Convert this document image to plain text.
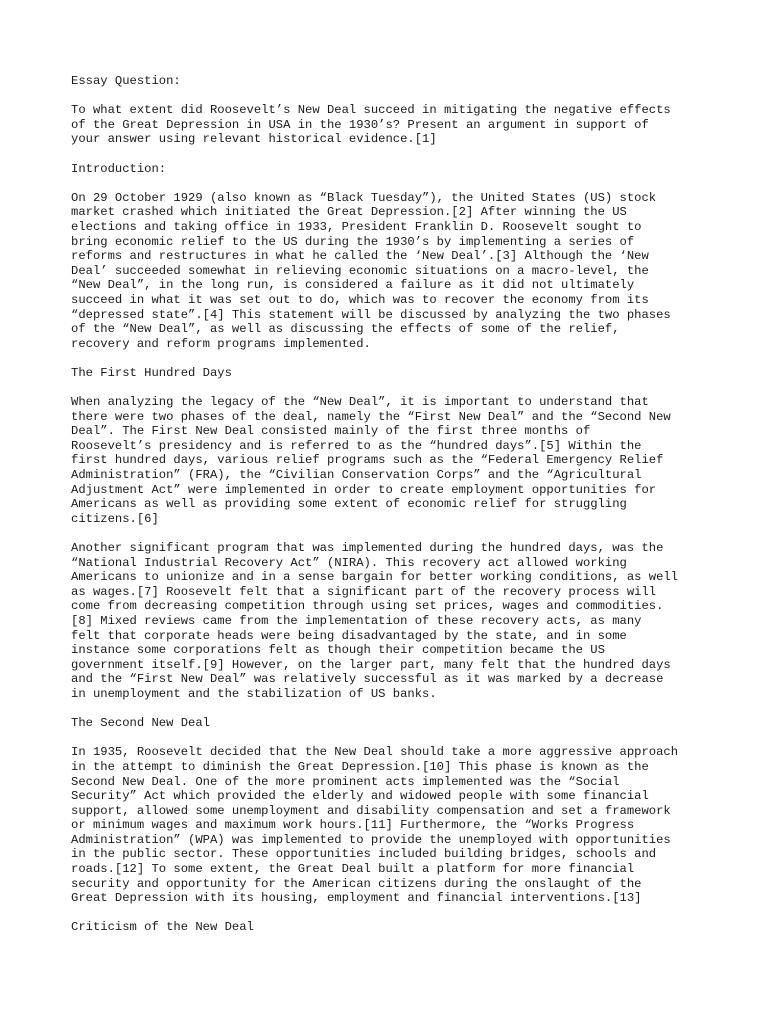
Essay Question:

To what extent did Roosevelt’s New Deal succeed in mitigating the negative effects
of the Great Depression in USA in the 1930’s? Present an argument in support of
your answer using relevant historical evidence.[1]

Introduction:

On 29 October 1929 (also known as “Black Tuesday”), the United States (US) stock
market crashed which initiated the Great Depression.[2] After winning the US
elections and taking office in 1933, President Franklin D. Roosevelt sought to
bring economic relief to the US during the 1930’s by implementing a series of
reforms and restructures in what he called the ‘New Deal’.[3] Although the ‘New
Deal’ succeeded somewhat in relieving economic situations on a macro-level, the
“New Deal”, in the long run, is considered a failure as it did not ultimately
succeed in what it was set out to do, which was to recover the economy from its
“depressed state”.[4] This statement will be discussed by analyzing the two phases
of the “New Deal”, as well as discussing the effects of some of the relief,
recovery and reform programs implemented.

The First Hundred Days

When analyzing the legacy of the “New Deal”, it is important to understand that
there were two phases of the deal, namely the “First New Deal” and the “Second New
Deal”. The First New Deal consisted mainly of the first three months of
Roosevelt’s presidency and is referred to as the “hundred days”.[5] Within the
first hundred days, various relief programs such as the “Federal Emergency Relief
Administration” (FRA), the “Civilian Conservation Corps” and the “Agricultural
Adjustment Act” were implemented in order to create employment opportunities for
Americans as well as providing some extent of economic relief for struggling
citizens.[6]

Another significant program that was implemented during the hundred days, was the
“National Industrial Recovery Act” (NIRA). This recovery act allowed working
Americans to unionize and in a sense bargain for better working conditions, as well
as wages.[7] Roosevelt felt that a significant part of the recovery process will
come from decreasing competition through using set prices, wages and commodities.
[8] Mixed reviews came from the implementation of these recovery acts, as many
felt that corporate heads were being disadvantaged by the state, and in some
instance some corporations felt as though their competition became the US
government itself.[9] However, on the larger part, many felt that the hundred days
and the “First New Deal” was relatively successful as it was marked by a decrease
in unemployment and the stabilization of US banks.

The Second New Deal

In 1935, Roosevelt decided that the New Deal should take a more aggressive approach
in the attempt to diminish the Great Depression.[10] This phase is known as the
Second New Deal. One of the more prominent acts implemented was the “Social
Security” Act which provided the elderly and widowed people with some financial
support, allowed some unemployment and disability compensation and set a framework
or minimum wages and maximum work hours.[11] Furthermore, the “Works Progress
Administration” (WPA) was implemented to provide the unemployed with opportunities
in the public sector. These opportunities included building bridges, schools and
roads.[12] To some extent, the Great Deal built a platform for more financial
security and opportunity for the American citizens during the onslaught of the
Great Depression with its housing, employment and financial interventions.[13]

Criticism of the New Deal
